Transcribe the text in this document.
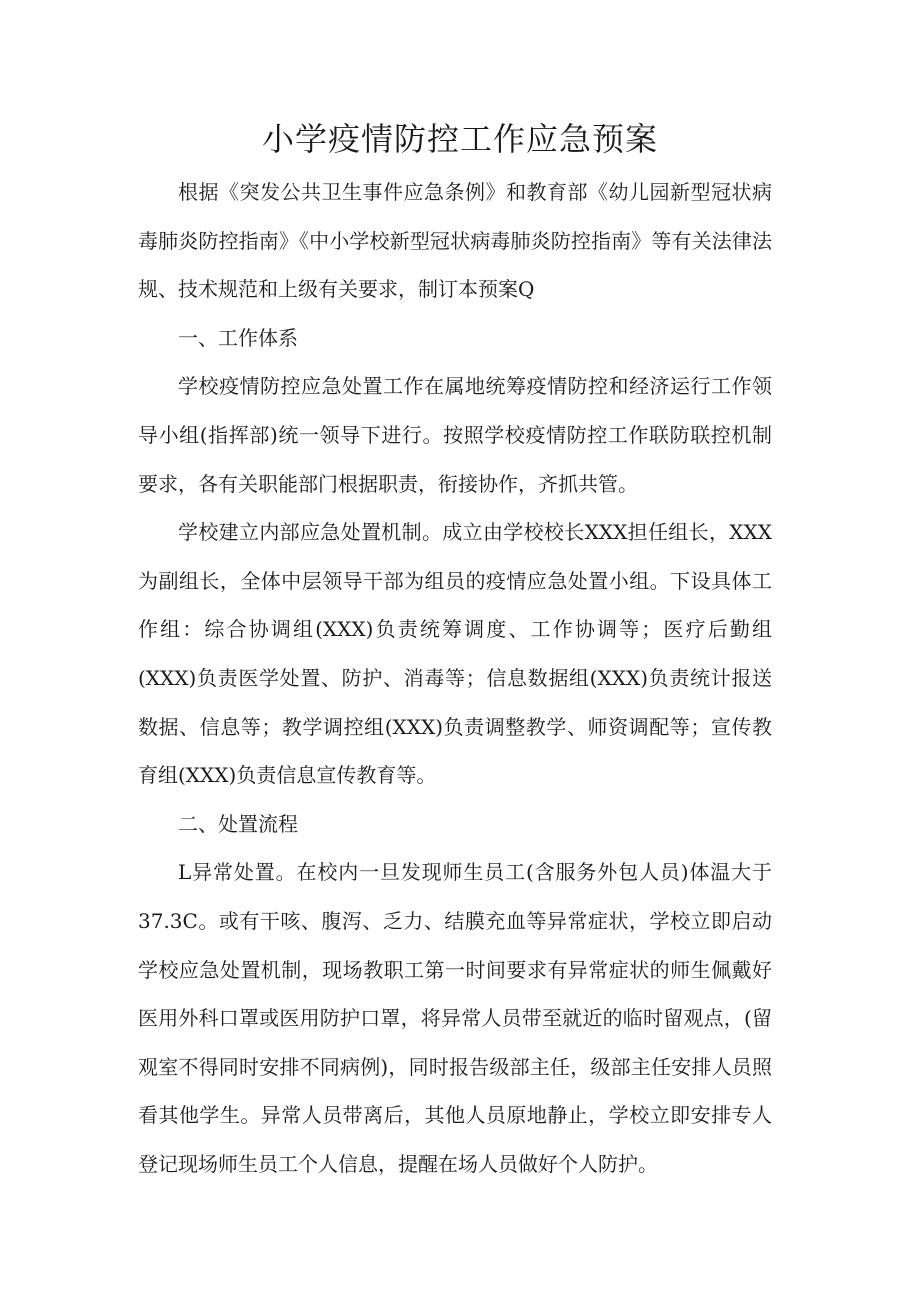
小学疫情防控工作应急预案

根据《突发公共卫生事件应急条例》和教育部《幼儿园新型冠状病毒肺炎防控指南》《中小学校新型冠状病毒肺炎防控指南》等有关法律法规、技术规范和上级有关要求，制订本预案Q

一、工作体系

学校疫情防控应急处置工作在属地统筹疫情防控和经济运行工作领导小组(指挥部)统一领导下进行。按照学校疫情防控工作联防联控机制要求，各有关职能部门根据职责，衔接协作，齐抓共管。

学校建立内部应急处置机制。成立由学校校长XXX担任组长，XXX为副组长，全体中层领导干部为组员的疫情应急处置小组。下设具体工作组：综合协调组(XXX)负责统筹调度、工作协调等；医疗后勤组(XXX)负责医学处置、防护、消毒等；信息数据组(XXX)负责统计报送数据、信息等；教学调控组(XXX)负责调整教学、师资调配等；宣传教育组(XXX)负责信息宣传教育等。

二、处置流程

L异常处置。在校内一旦发现师生员工(含服务外包人员)体温大于37.3C。或有干咳、腹泻、乏力、结膜充血等异常症状，学校立即启动学校应急处置机制，现场教职工第一时间要求有异常症状的师生佩戴好医用外科口罩或医用防护口罩，将异常人员带至就近的临时留观点，(留观室不得同时安排不同病例)，同时报告级部主任，级部主任安排人员照看其他学生。异常人员带离后，其他人员原地静止，学校立即安排专人登记现场师生员工个人信息，提醒在场人员做好个人防护。
